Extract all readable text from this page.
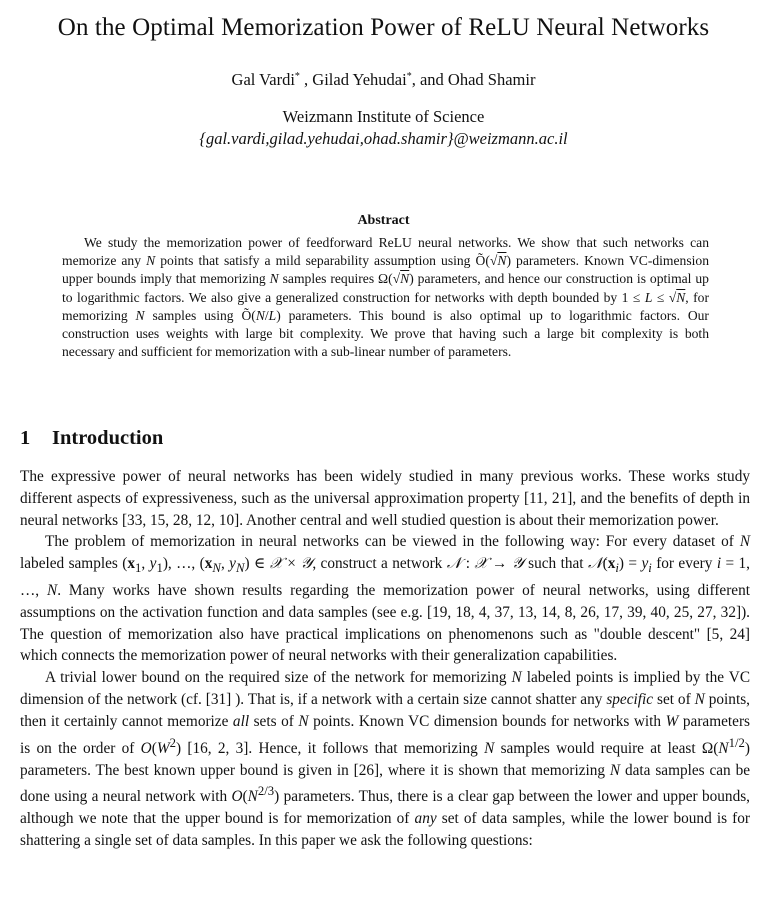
On the Optimal Memorization Power of ReLU Neural Networks
Gal Vardi* , Gilad Yehudai*, and Ohad Shamir
Weizmann Institute of Science
{gal.vardi,gilad.yehudai,ohad.shamir}@weizmann.ac.il
Abstract

We study the memorization power of feedforward ReLU neural networks. We show that such networks can memorize any N points that satisfy a mild separability assumption using Õ(√N) parameters. Known VC-dimension upper bounds imply that memorizing N samples requires Ω(√N) parameters, and hence our construction is optimal up to logarithmic factors. We also give a generalized construction for networks with depth bounded by 1 ≤ L ≤ √N, for memorizing N samples using Õ(N/L) parameters. This bound is also optimal up to logarithmic factors. Our construction uses weights with large bit complexity. We prove that having such a large bit complexity is both necessary and sufficient for memorization with a sub-linear number of parameters.

1 Introduction

The expressive power of neural networks has been widely studied in many previous works. These works study different aspects of expressiveness, such as the universal approximation property [11, 21], and the benefits of depth in neural networks [33, 15, 28, 12, 10]. Another central and well studied question is about their memorization power.

The problem of memorization in neural networks can be viewed in the following way: For every dataset of N labeled samples ($x_1$, $y_1$), …, ($x_N$, $y_N$) ∈ 𝒳 × 𝒴, construct a network 𝒩 : 𝒳 → 𝒴 such that $𝒩(x_i) = y_i$ for every i = 1, …, N. Many works have shown results regarding the memorization power of neural networks, using different assumptions on the activation function and data samples (see e.g. [19, 18, 4, 37, 13, 14, 8, 26, 17, 39, 40, 25, 27, 32]). The question of memorization also have practical implications on phenomenons such as "double descent" [5, 24] which connects the memorization power of neural networks with their generalization capabilities.

A trivial lower bound on the required size of the network for memorizing N labeled points is implied by the VC dimension of the network (cf. [31] ). That is, if a network with a certain size cannot shatter any specific set of N points, then it certainly cannot memorize all sets of N points. Known VC dimension bounds for networks with W parameters is on the order of $O(W^2)$ [16, 2, 3]. Hence, it follows that memorizing N samples would require at least $\Omega(N^{1/2})$ parameters. The best known upper bound is given in [26], where it is shown that memorizing N data samples can be done using a neural network with $O(N^{2/3})$ parameters. Thus, there is a clear gap between the lower and upper bounds, although we note that the upper bound is for memorization of any set of data samples, while the lower bound is for shattering a single set of data samples. In this paper we ask the following questions:
